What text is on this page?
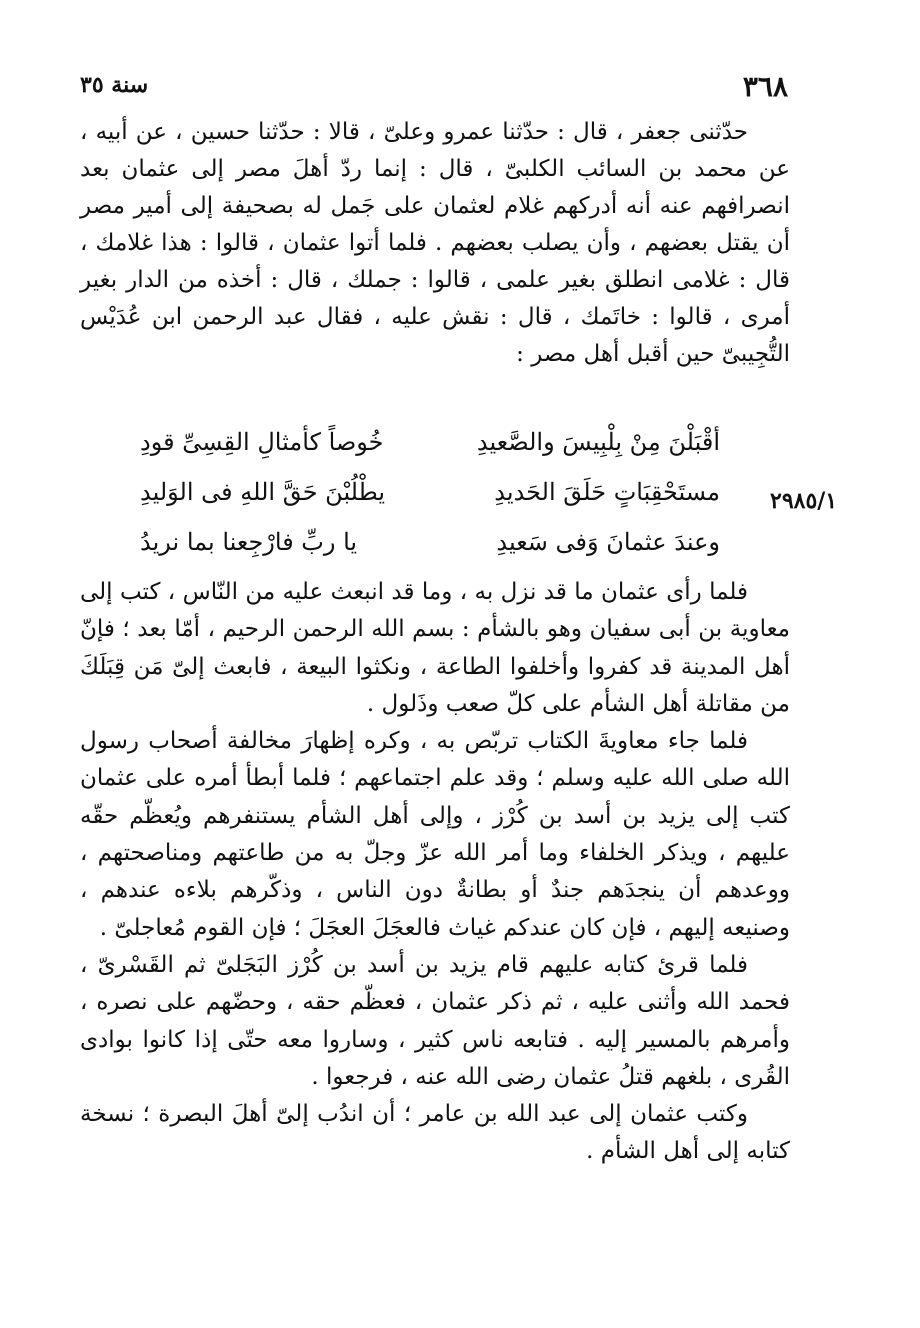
٣٦٨
سنة ٣٥

حدّثنى جعفر ، قال : حدّثنا عمرو وعلىّ ، قالا : حدّثنا حسين ، عن أبيه ، عن محمد بن السائب الكلبىّ ، قال : إنما ردّ أهلَ مصر إلى عثمان بعد انصرافهم عنه أنه أدركهم غلام لعثمان على جَمل له بصحيفة إلى أمير مصر أن يقتل بعضهم ، وأن يصلب بعضهم . فلما أتوا عثمان ، قالوا : هذا غلامك ، قال : غلامى انطلق بغير علمى ، قالوا : جملك ، قال : أخذه من الدار بغير أمرى ، قالوا : خاتَمك ، قال : نقش عليه ، فقال عبد الرحمن ابن عُدَيْس التُّجِيبىّ حين أقبل أهل مصر :

أقْبَلْنَ مِنْ بِلْبِيسَ والصَّعيدِ
خُوصاً كأمثالِ القِسِىِّ قودِ
مستَحْقِبَاتٍ حَلَقَ الحَديدِ
يطْلُبْنَ حَقَّ اللهِ فى الوَليدِ
وعندَ عثمانَ وَفى سَعيدِ
يا ربِّ فارْجِعنا بما نريدُ
٢٩٨٥/١

فلما رأى عثمان ما قد نزل به ، وما قد انبعث عليه من النّاس ، كتب إلى معاوية بن أبى سفيان وهو بالشأم : بسم الله الرحمن الرحيم ، أمّا بعد ؛ فإنّ أهل المدينة قد كفروا وأخلفوا الطاعة ، ونكثوا البيعة ، فابعث إلىّ مَن قِبَلَكَ من مقاتلة أهل الشأم على كلّ صعب وذَلول .

فلما جاء معاويةَ الكتاب تربّص به ، وكره إظهارَ مخالفة أصحاب رسول الله صلى الله عليه وسلم ؛ وقد علم اجتماعهم ؛ فلما أبطأ أمره على عثمان كتب إلى يزيد بن أسد بن كُرْز ، وإلى أهل الشأم يستنفرهم ويُعظّم حقّه عليهم ، ويذكر الخلفاء وما أمر الله عزّ وجلّ به من طاعتهم ومناصحتهم ، ووعدهم أن ينجدَهم جندٌ أو بطانةٌ دون الناس ، وذكّرهم بلاءه عندهم ، وصنيعه إليهم ، فإن كان عندكم غياث فالعجَلَ العجَلَ ؛ فإن القوم مُعاجلىّ .

فلما قرئ كتابه عليهم قام يزيد بن أسد بن كُرْز البَجَلىّ ثم القَسْرىّ ، فحمد الله وأثنى عليه ، ثم ذكر عثمان ، فعظّم حقه ، وحضّهم على نصره ، وأمرهم بالمسير إليه . فتابعه ناس كثير ، وساروا معه حتّى إذا كانوا بوادى القُرى ، بلغهم قتلُ عثمان رضى الله عنه ، فرجعوا .

وكتب عثمان إلى عبد الله بن عامر ؛ أن اندُب إلىّ أهلَ البصرة ؛ نسخة كتابه إلى أهل الشأم .
